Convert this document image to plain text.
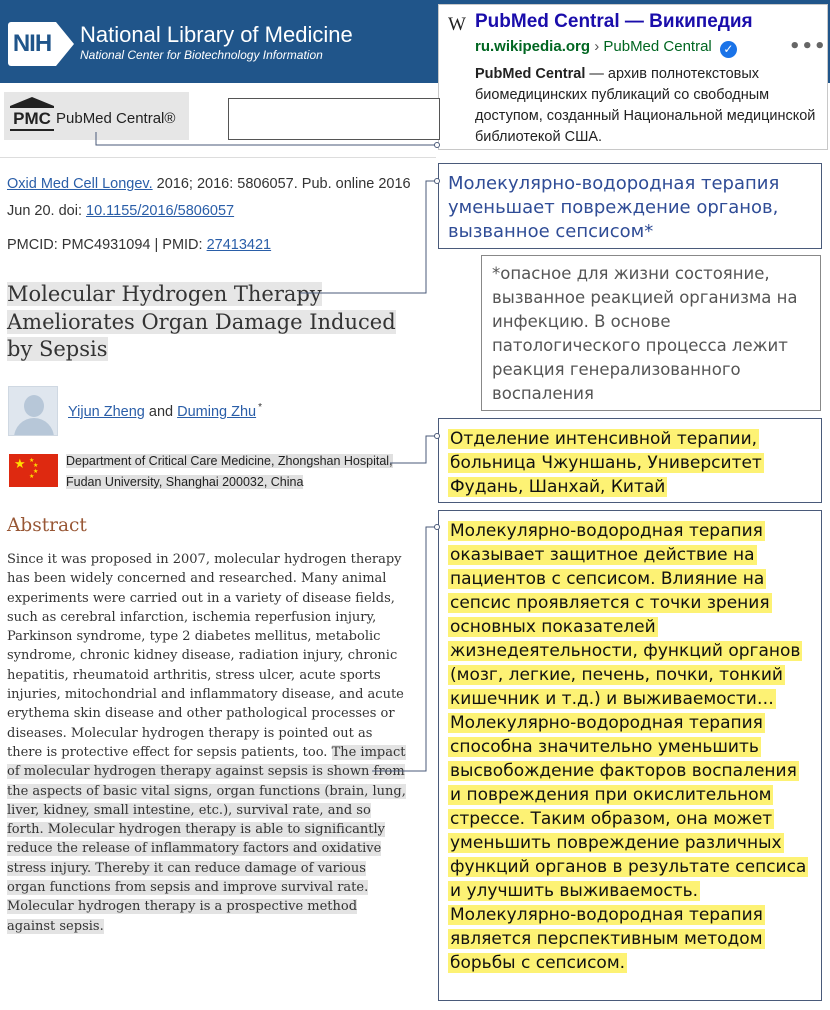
NIH National Library of Medicine
National Center for Biotechnology Information
W PubMed Central — Википедия
ru.wikipedia.org › PubMed Central ✓	•••
PubMed Central — архив полнотекстовых биомедицинских публикаций со свободным доступом, созданный Национальной медицинской библиотекой США.
PMC PubMed Central®
Oxid Med Cell Longev. 2016; 2016: 5806057. Pub. online 2016 Jun 20. doi: 10.1155/2016/5806057
PMCID: PMC4931094 | PMID: 27413421
Molecular Hydrogen Therapy Ameliorates Organ Damage Induced by Sepsis
Yijun Zheng and Duming Zhu *
★ ★
★
★
★
Department of Critical Care Medicine, Zhongshan Hospital, Fudan University, Shanghai 200032, China
Abstract
Since it was proposed in 2007, molecular hydrogen therapy has been widely concerned and researched. Many animal experiments were carried out in a variety of disease fields, such as cerebral infarction, ischemia reperfusion injury, Parkinson syndrome, type 2 diabetes mellitus, metabolic syndrome, chronic kidney disease, radiation injury, chronic hepatitis, rheumatoid arthritis, stress ulcer, acute sports injuries, mitochondrial and inflammatory disease, and acute erythema skin disease and other pathological processes or diseases. Molecular hydrogen therapy is pointed out as there is protective effect for sepsis patients, too. The impact of molecular hydrogen therapy against sepsis is shown from the aspects of basic vital signs, organ functions (brain, lung, liver, kidney, small intestine, etc.), survival rate, and so forth. Molecular hydrogen therapy is able to significantly reduce the release of inflammatory factors and oxidative stress injury. Thereby it can reduce damage of various organ functions from sepsis and improve survival rate. Molecular hydrogen therapy is a prospective method against sepsis.
Молекулярно-водородная терапия уменьшает повреждение органов, вызванное сепсисом*
*опасное для жизни состояние, вызванное реакцией организма на инфекцию. В основе патологического процесса лежит реакция генерализованного воспаления
Отделение интенсивной терапии, больница Чжуншань, Университет Фудань, Шанхай, Китай
Молекулярно-водородная терапия оказывает защитное действие на пациентов с сепсисом. Влияние на сепсис проявляется с точки зрения основных показателей жизнедеятельности, функций органов (мозг, легкие, печень, почки, тонкий кишечник и т.д.) и выживаемости… Молекулярно-водородная терапия способна значительно уменьшить высвобождение факторов воспаления и повреждения при окислительном стрессе. Таким образом, она может уменьшить повреждение различных функций органов в результате сепсиса и улучшить выживаемость. Молекулярно-водородная терапия является перспективным методом борьбы с сепсисом.
